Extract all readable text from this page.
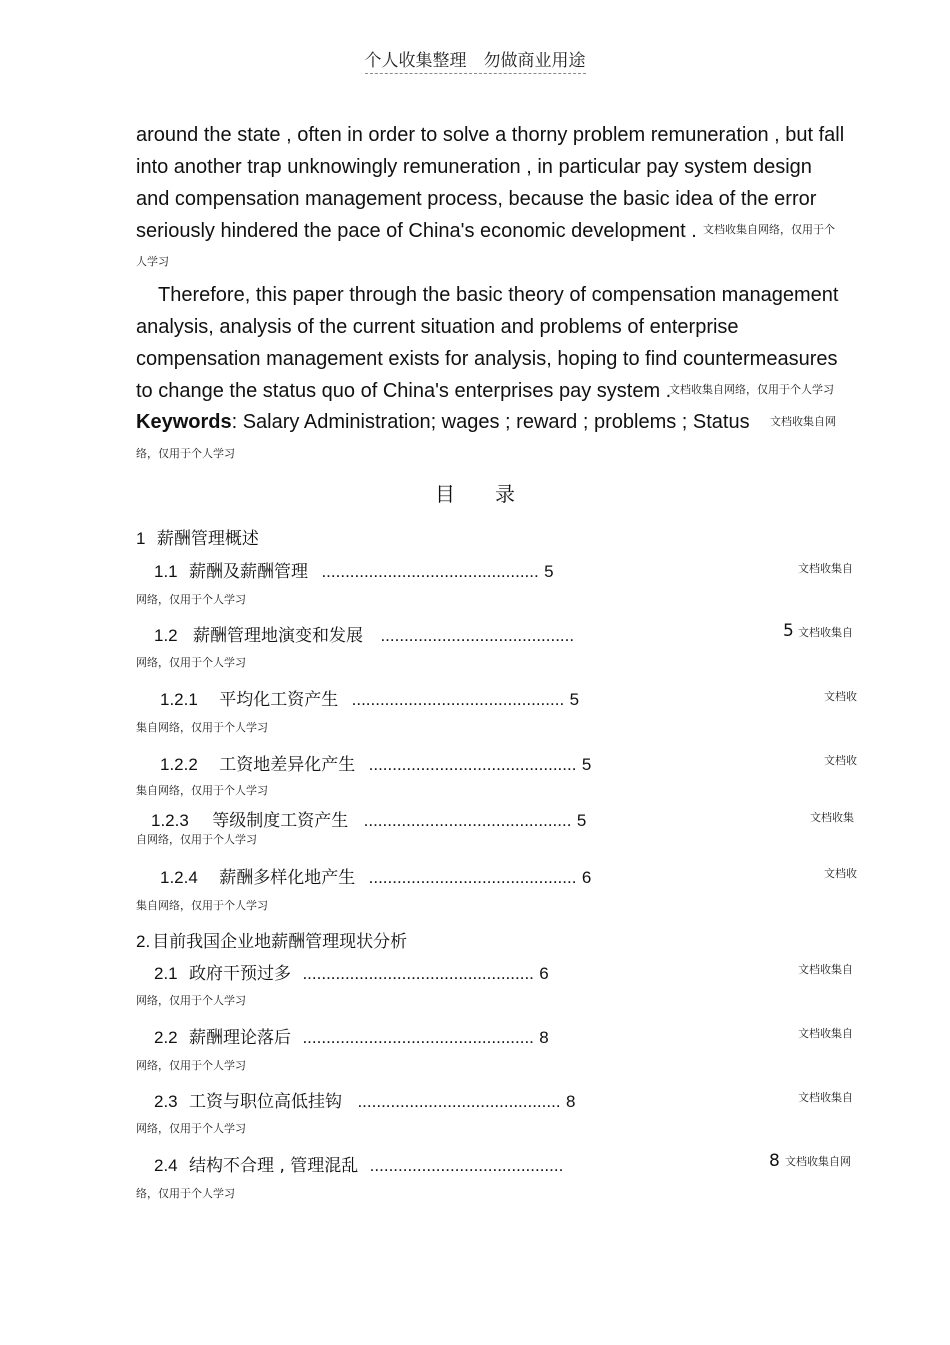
个人收集整理　勿做商业用途
around the state , often in order to solve a thorny problem remuneration , but fall
into another trap unknowingly remuneration , in particular pay system design
and compensation management process, because the basic idea of the error
seriously hindered the pace of China's economic development . 文档收集自网络，仅用于个
人学习
Therefore, this paper through the basic theory of compensation management
analysis, analysis of the current situation and problems of enterprise
compensation management exists for analysis, hoping to find countermeasures
to change the status quo of China's enterprises pay system .
文档收集自网络，仅用于个人学习
Keywords: Salary Administration; wages ; reward ; problems ; Status	文档收集自网
络，仅用于个人学习
目录
1 薪酬管理概述
1.1 薪酬及薪酬管理 .............................................. 5	文档收集自
网络，仅用于个人学习
1.2 薪酬管理地演变和发展 .........................................	5 文档收集自
网络，仅用于个人学习
1.2.1 平均化工资产生 ............................................. 5	文档收
集自网络，仅用于个人学习
1.2.2 工资地差异化产生 ............................................ 5	文档收
集自网络，仅用于个人学习
1.2.3 等级制度工资产生 ............................................ 5	文档收集
自网络，仅用于个人学习
1.2.4 薪酬多样化地产生 ............................................ 6	文档收
集自网络，仅用于个人学习
2. 目前我国企业地薪酬管理现状分析
2.1 政府干预过多 ................................................. 6	文档收集自
网络，仅用于个人学习
2.2 薪酬理论落后 ................................................. 8	文档收集自
网络，仅用于个人学习
2.3 工资与职位高低挂钩 ........................................... 8	文档收集自
网络，仅用于个人学习
2.4 结构不合理 , 管理混乱 .........................................	8 文档收集自网
络，仅用于个人学习
